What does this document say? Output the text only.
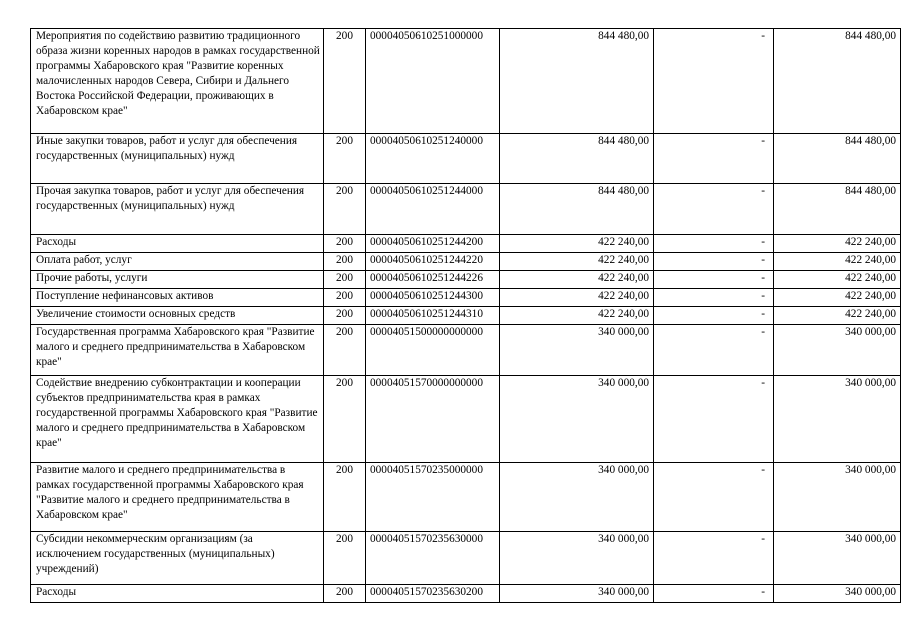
Мероприятия по содействию развитию традиционного образа жизни коренных народов в рамках государственной программы Хабаровского края "Развитие коренных малочисленных народов Севера, Сибири и Дальнего Востока Российской Федерации, проживающих в Хабаровском крае"	200	00004050610251000000	844 480,00	-	844 480,00
Иные закупки товаров, работ и услуг для обеспечения государственных (муниципальных) нужд	200	00004050610251240000	844 480,00	-	844 480,00
Прочая закупка товаров, работ и услуг для обеспечения государственных (муниципальных) нужд	200	00004050610251244000	844 480,00	-	844 480,00
Расходы	200	00004050610251244200	422 240,00	-	422 240,00
Оплата работ, услуг	200	00004050610251244220	422 240,00	-	422 240,00
Прочие работы, услуги	200	00004050610251244226	422 240,00	-	422 240,00
Поступление нефинансовых активов	200	00004050610251244300	422 240,00	-	422 240,00
Увеличение стоимости основных средств	200	00004050610251244310	422 240,00	-	422 240,00
Государственная программа Хабаровского края "Развитие малого и среднего предпринимательства в Хабаровском крае"	200	00004051500000000000	340 000,00	-	340 000,00
Содействие внедрению субконтрактации и кооперации субъектов предпринимательства края в рамках государственной программы Хабаровского края "Развитие малого и среднего предпринимательства в Хабаровском крае"	200	00004051570000000000	340 000,00	-	340 000,00
Развитие малого и среднего предпринимательства в рамках государственной программы Хабаровского края "Развитие малого и среднего предпринимательства в Хабаровском крае"	200	00004051570235000000	340 000,00	-	340 000,00
Субсидии некоммерческим организациям (за исключением государственных (муниципальных) учреждений)	200	00004051570235630000	340 000,00	-	340 000,00
Расходы	200	00004051570235630200	340 000,00	-	340 000,00
